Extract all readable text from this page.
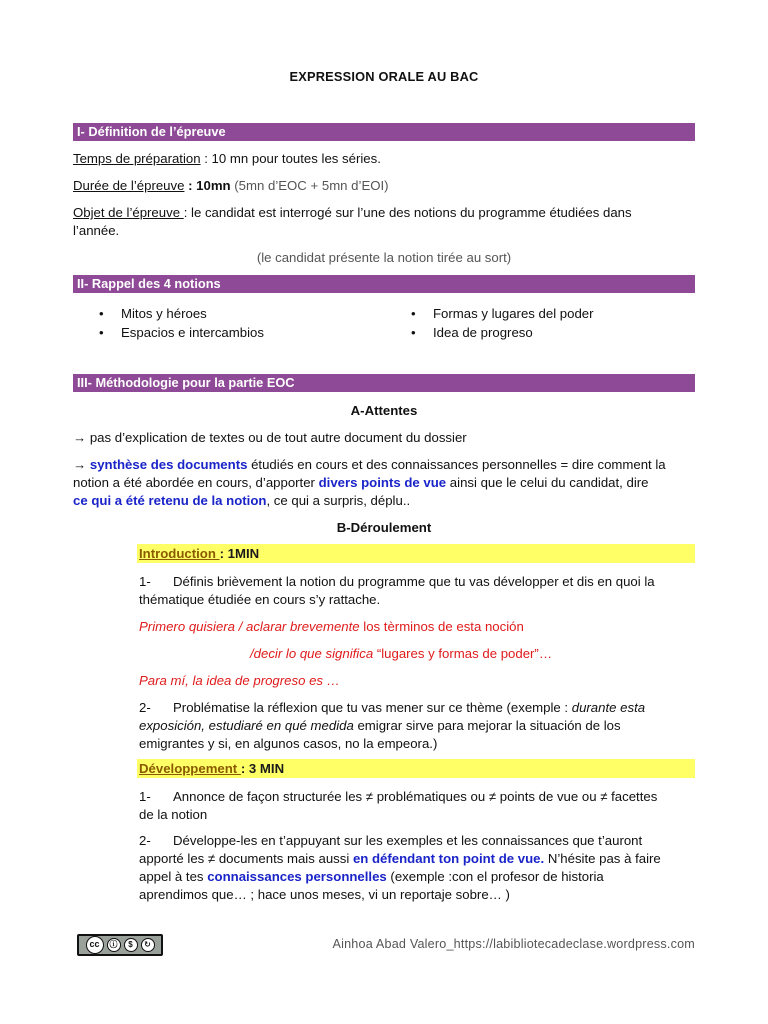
EXPRESSION ORALE AU BAC
I- Définition de l’épreuve
Temps de préparation : 10 mn pour toutes les séries.
Durée de l’épreuve : 10mn (5mn d’EOC + 5mn d’EOI)
Objet de l’épreuve : le candidat est interrogé sur l’une des notions du programme étudiées dans
l’année.
(le candidat présente la notion tirée au sort)
II- Rappel des 4 notions
• Mitos y héroes
• Espacios e intercambios
• Formas y lugares del poder
• Idea de progreso
III- Méthodologie pour la partie EOC
A-Attentes
→ pas d’explication de textes ou de tout autre document du dossier
→ synthèse des documents étudiés en cours et des connaissances personnelles = dire comment la
notion a été abordée en cours, d’apporter divers points de vue ainsi que le celui du candidat, dire
ce qui a été retenu de la notion, ce qui a surpris, déplu..
B-Déroulement
Introduction : 1MIN
1- Définis brièvement la notion du programme que tu vas développer et dis en quoi la
thématique étudiée en cours s’y rattache.
Primero quisiera / aclarar brevemente los tèrminos de esta noción
/decir lo que significa “lugares y formas de poder”…
Para mí, la idea de progreso es …
2- Problématise la réflexion que tu vas mener sur ce thème (exemple : durante esta
exposición, estudiaré en qué medida emigrar sirve para mejorar la situación de los
emigrantes y si, en algunos casos, no la empeora.)
Développement : 3 MIN
1- Annonce de façon structurée les ≠ problématiques ou ≠ points de vue ou ≠ facettes
de la notion
2- Développe-les en t’appuyant sur les exemples et les connaissances que t’auront
apporté les ≠ documents mais aussi en défendant ton point de vue. N’hésite pas à faire
appel à tes connaissances personnelles (exemple :con el profesor de historia
aprendimos que… ; hace unos meses, vi un reportaje sobre… )
cc	ⓘ	$	↻	Ainhoa Abad Valero_https://labibliotecadeclase.wordpress.com
